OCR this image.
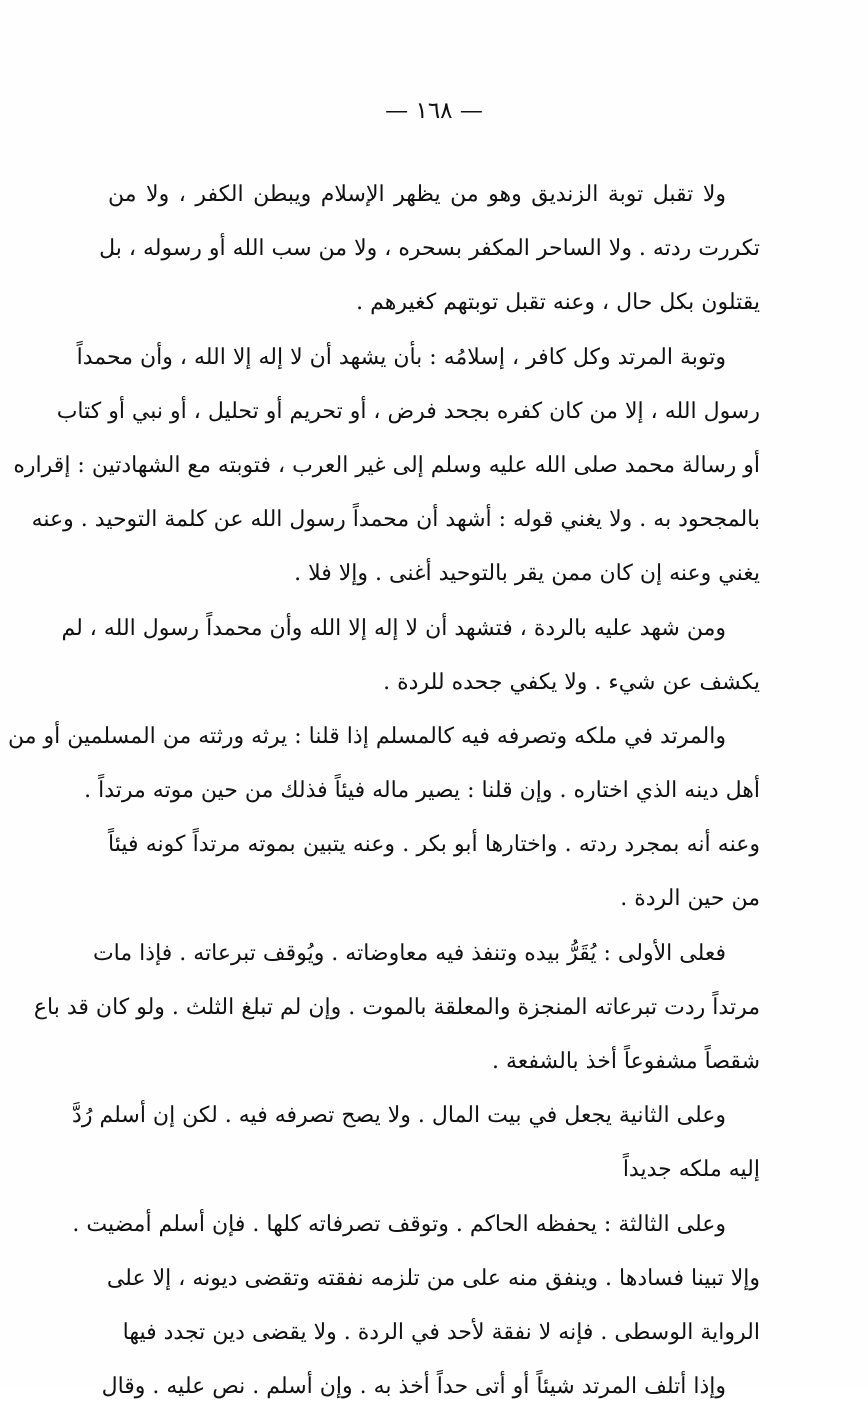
— ١٦٨ —
ولا تقبل توبة الزنديق وهو من يظهر الإسلام ويبطن الكفر ، ولا من
تكررت ردته . ولا الساحر المكفر بسحره ، ولا من سب الله أو رسوله ، بل
يقتلون بكل حال ، وعنه تقبل توبتهم كغيرهم .
وتوبة المرتد وكل كافر ، إسلامُه : بأن يشهد أن لا إله إلا الله ، وأن محمداً
رسول الله ، إلا من كان كفره بجحد فرض ، أو تحريم أو تحليل ، أو نبي أو كتاب
أو رسالة محمد صلى الله عليه وسلم إلى غير العرب ، فتوبته مع الشهادتين : إقراره
بالمجحود به . ولا يغني قوله : أشهد أن محمداً رسول الله عن كلمة التوحيد . وعنه
يغني وعنه إن كان ممن يقر بالتوحيد أغنى . وإلا فلا .
ومن شهد عليه بالردة ، فتشهد أن لا إله إلا الله وأن محمداً رسول الله ، لم
يكشف عن شيء . ولا يكفي جحده للردة .
والمرتد في ملكه وتصرفه فيه كالمسلم إذا قلنا : يرثه ورثته من المسلمين أو من
أهل دينه الذي اختاره . وإن قلنا : يصير ماله فيئاً فذلك من حين موته مرتداً .
وعنه أنه بمجرد ردته . واختارها أبو بكر . وعنه يتبين بموته مرتداً كونه فيئاً
من حين الردة .
فعلى الأولى : يُقَرُّ بيده وتنفذ فيه معاوضاته . ويُوقف تبرعاته . فإذا مات
مرتداً ردت تبرعاته المنجزة والمعلقة بالموت . وإن لم تبلغ الثلث . ولو كان قد باع
شقصاً مشفوعاً أخذ بالشفعة .
وعلى الثانية يجعل في بيت المال . ولا يصح تصرفه فيه . لكن إن أسلم رُدَّ
إليه ملكه جديداً
وعلى الثالثة : يحفظه الحاكم . وتوقف تصرفاته كلها . فإن أسلم أمضيت .
وإلا تبينا فسادها . وينفق منه على من تلزمه نفقته وتقضى ديونه ، إلا على
الرواية الوسطى . فإنه لا نفقة لأحد في الردة . ولا يقضى دين تجدد فيها
وإذا أتلف المرتد شيئاً أو أتى حداً أخذ به . وإن أسلم . نص عليه . وقال
